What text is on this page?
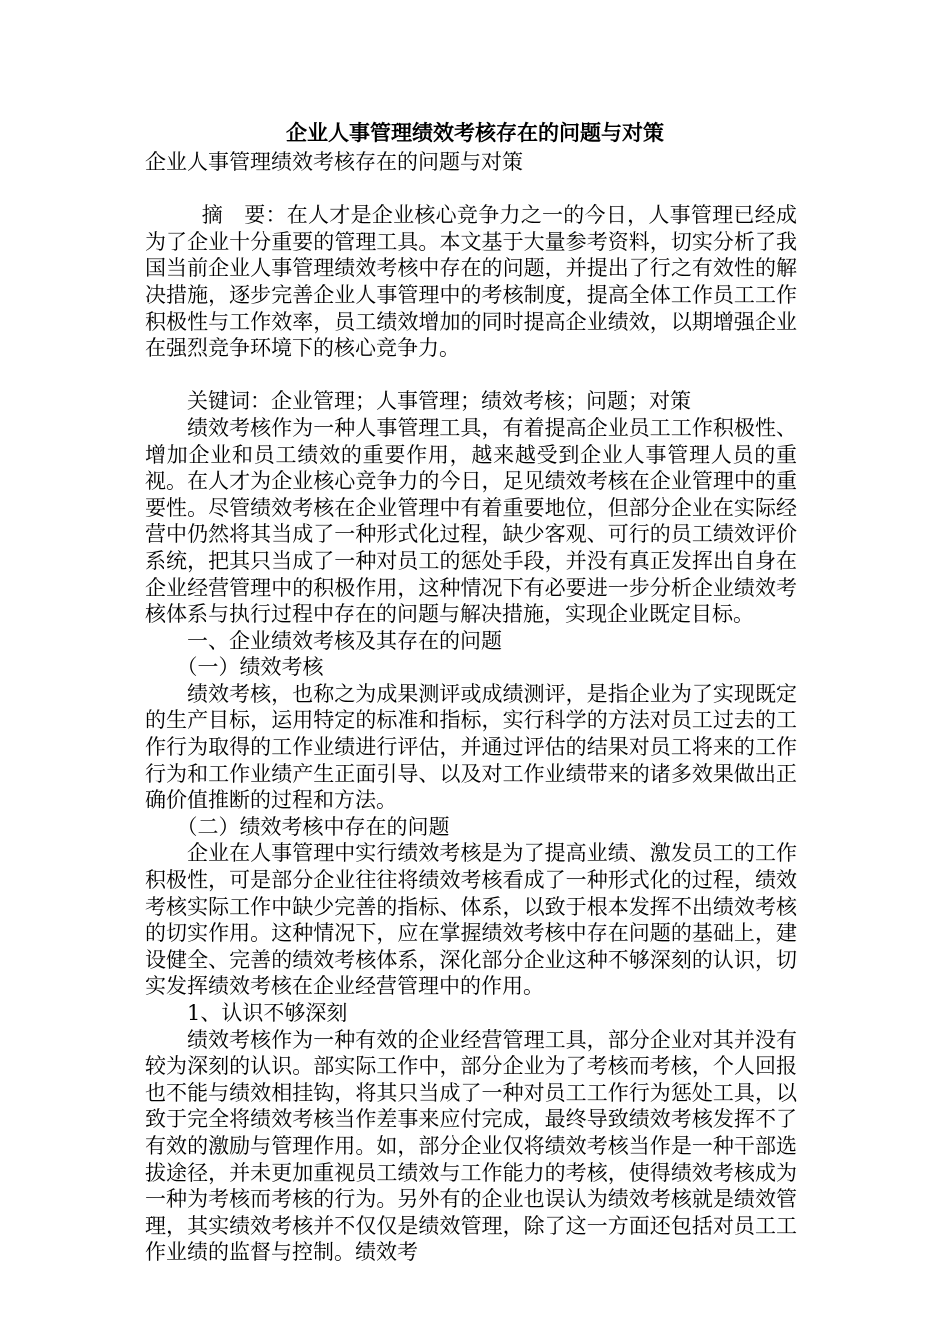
企业人事管理绩效考核存在的问题与对策

企业人事管理绩效考核存在的问题与对策

摘　要：在人才是企业核心竞争力之一的今日，人事管理已经成为了企业十分重要的管理工具。本文基于大量参考资料，切实分析了我国当前企业人事管理绩效考核中存在的问题，并提出了行之有效性的解决措施，逐步完善企业人事管理中的考核制度，提高全体工作员工工作积极性与工作效率，员工绩效增加的同时提高企业绩效，以期增强企业在强烈竞争环境下的核心竞争力。

关键词：企业管理；人事管理；绩效考核；问题；对策

绩效考核作为一种人事管理工具，有着提高企业员工工作积极性、增加企业和员工绩效的重要作用，越来越受到企业人事管理人员的重视。在人才为企业核心竞争力的今日，足见绩效考核在企业管理中的重要性。尽管绩效考核在企业管理中有着重要地位，但部分企业在实际经营中仍然将其当成了一种形式化过程，缺少客观、可行的员工绩效评价系统，把其只当成了一种对员工的惩处手段，并没有真正发挥出自身在企业经营管理中的积极作用，这种情况下有必要进一步分析企业绩效考核体系与执行过程中存在的问题与解决措施，实现企业既定目标。

一、企业绩效考核及其存在的问题

（一）绩效考核

绩效考核，也称之为成果测评或成绩测评，是指企业为了实现既定的生产目标，运用特定的标准和指标，实行科学的方法对员工过去的工作行为取得的工作业绩进行评估，并通过评估的结果对员工将来的工作行为和工作业绩产生正面引导、以及对工作业绩带来的诸多效果做出正确价值推断的过程和方法。

（二）绩效考核中存在的问题

企业在人事管理中实行绩效考核是为了提高业绩、激发员工的工作积极性，可是部分企业往往将绩效考核看成了一种形式化的过程，绩效考核实际工作中缺少完善的指标、体系，以致于根本发挥不出绩效考核的切实作用。这种情况下，应在掌握绩效考核中存在问题的基础上，建设健全、完善的绩效考核体系，深化部分企业这种不够深刻的认识，切实发挥绩效考核在企业经营管理中的作用。

1、认识不够深刻

绩效考核作为一种有效的企业经营管理工具，部分企业对其并没有较为深刻的认识。部实际工作中，部分企业为了考核而考核，个人回报也不能与绩效相挂钩，将其只当成了一种对员工工作行为惩处工具，以致于完全将绩效考核当作差事来应付完成，最终导致绩效考核发挥不了有效的激励与管理作用。如，部分企业仅将绩效考核当作是一种干部选拔途径，并未更加重视员工绩效与工作能力的考核，使得绩效考核成为一种为考核而考核的行为。另外有的企业也误认为绩效考核就是绩效管理，其实绩效考核并不仅仅是绩效管理，除了这一方面还包括对员工工作业绩的监督与控制。绩效考
